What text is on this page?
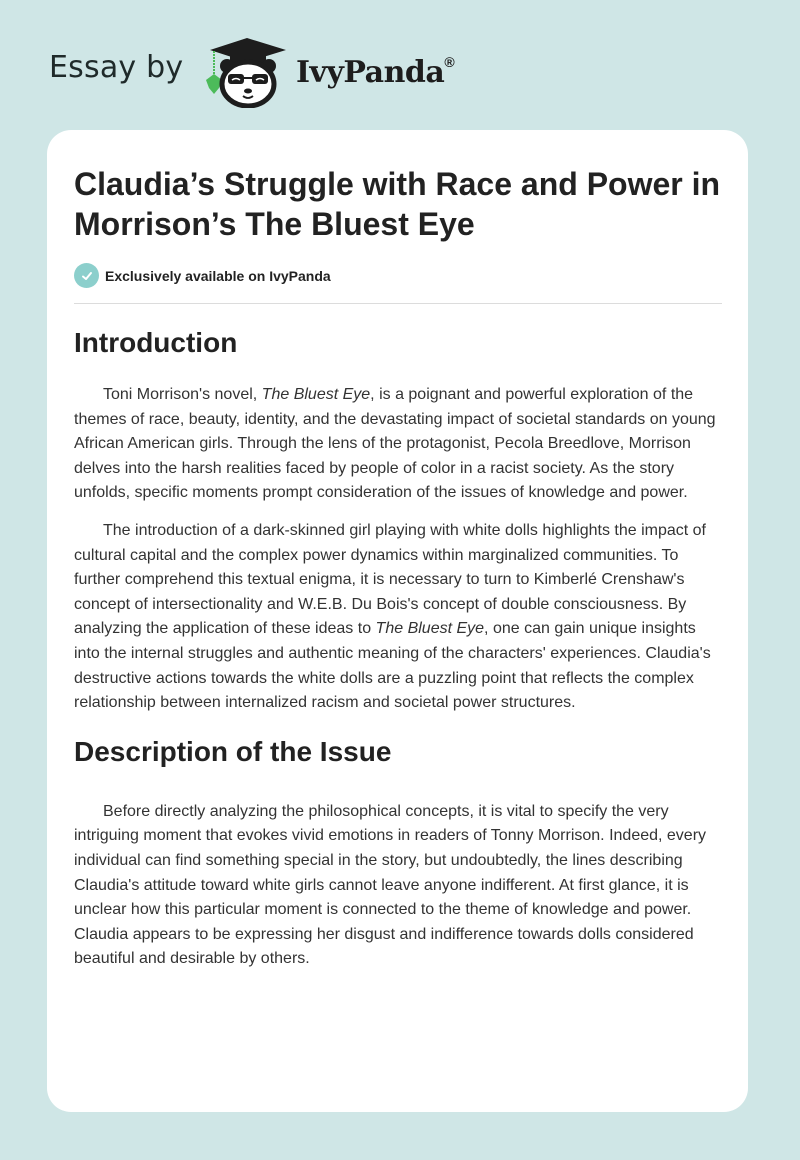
Essay by	IvyPanda®
Claudia’s Struggle with Race and Power in Morrison’s The Bluest Eye
Exclusively available on IvyPanda
Introduction

Toni Morrison's novel, The Bluest Eye, is a poignant and powerful exploration of the themes of race, beauty, identity, and the devastating impact of societal standards on young African American girls. Through the lens of the protagonist, Pecola Breedlove, Morrison delves into the harsh realities faced by people of color in a racist society. As the story unfolds, specific moments prompt consideration of the issues of knowledge and power.

The introduction of a dark-skinned girl playing with white dolls highlights the impact of cultural capital and the complex power dynamics within marginalized communities. To further comprehend this textual enigma, it is necessary to turn to Kimberlé Crenshaw's concept of intersectionality and W.E.B. Du Bois's concept of double consciousness. By analyzing the application of these ideas to The Bluest Eye, one can gain unique insights into the internal struggles and authentic meaning of the characters' experiences. Claudia's destructive actions towards the white dolls are a puzzling point that reflects the complex relationship between internalized racism and societal power structures.

Description of the Issue

Before directly analyzing the philosophical concepts, it is vital to specify the very intriguing moment that evokes vivid emotions in readers of Tonny Morrison. Indeed, every individual can find something special in the story, but undoubtedly, the lines describing Claudia's attitude toward white girls cannot leave anyone indifferent. At first glance, it is unclear how this particular moment is connected to the theme of knowledge and power. Claudia appears to be expressing her disgust and indifference towards dolls considered beautiful and desirable by others.
